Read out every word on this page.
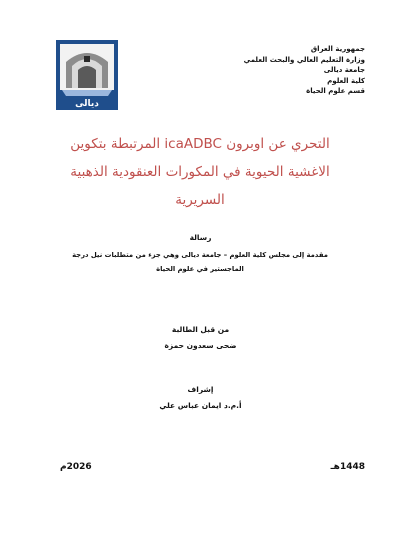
ديالى
جمهورية العراق
وزارة التعليم العالي والبحث العلمي
جامعة ديالى
كلية العلوم
قسم علوم الحياة
التحري عن اوبرون icaADBC المرتبطة بتكوين
الاغشية الحيوية في المكورات العنقودية الذهبية
السريرية
رسالة
مقدمة إلى مجلس كلية العلوم – جامعة ديالى وهي جزء من متطلبات نيل درجة
الماجستير في علوم الحياة
من قبل الطالبة
ضحى سعدون حمزة
إشراف
أ.م.د ايمان عباس علي
1448هـ
2026م
